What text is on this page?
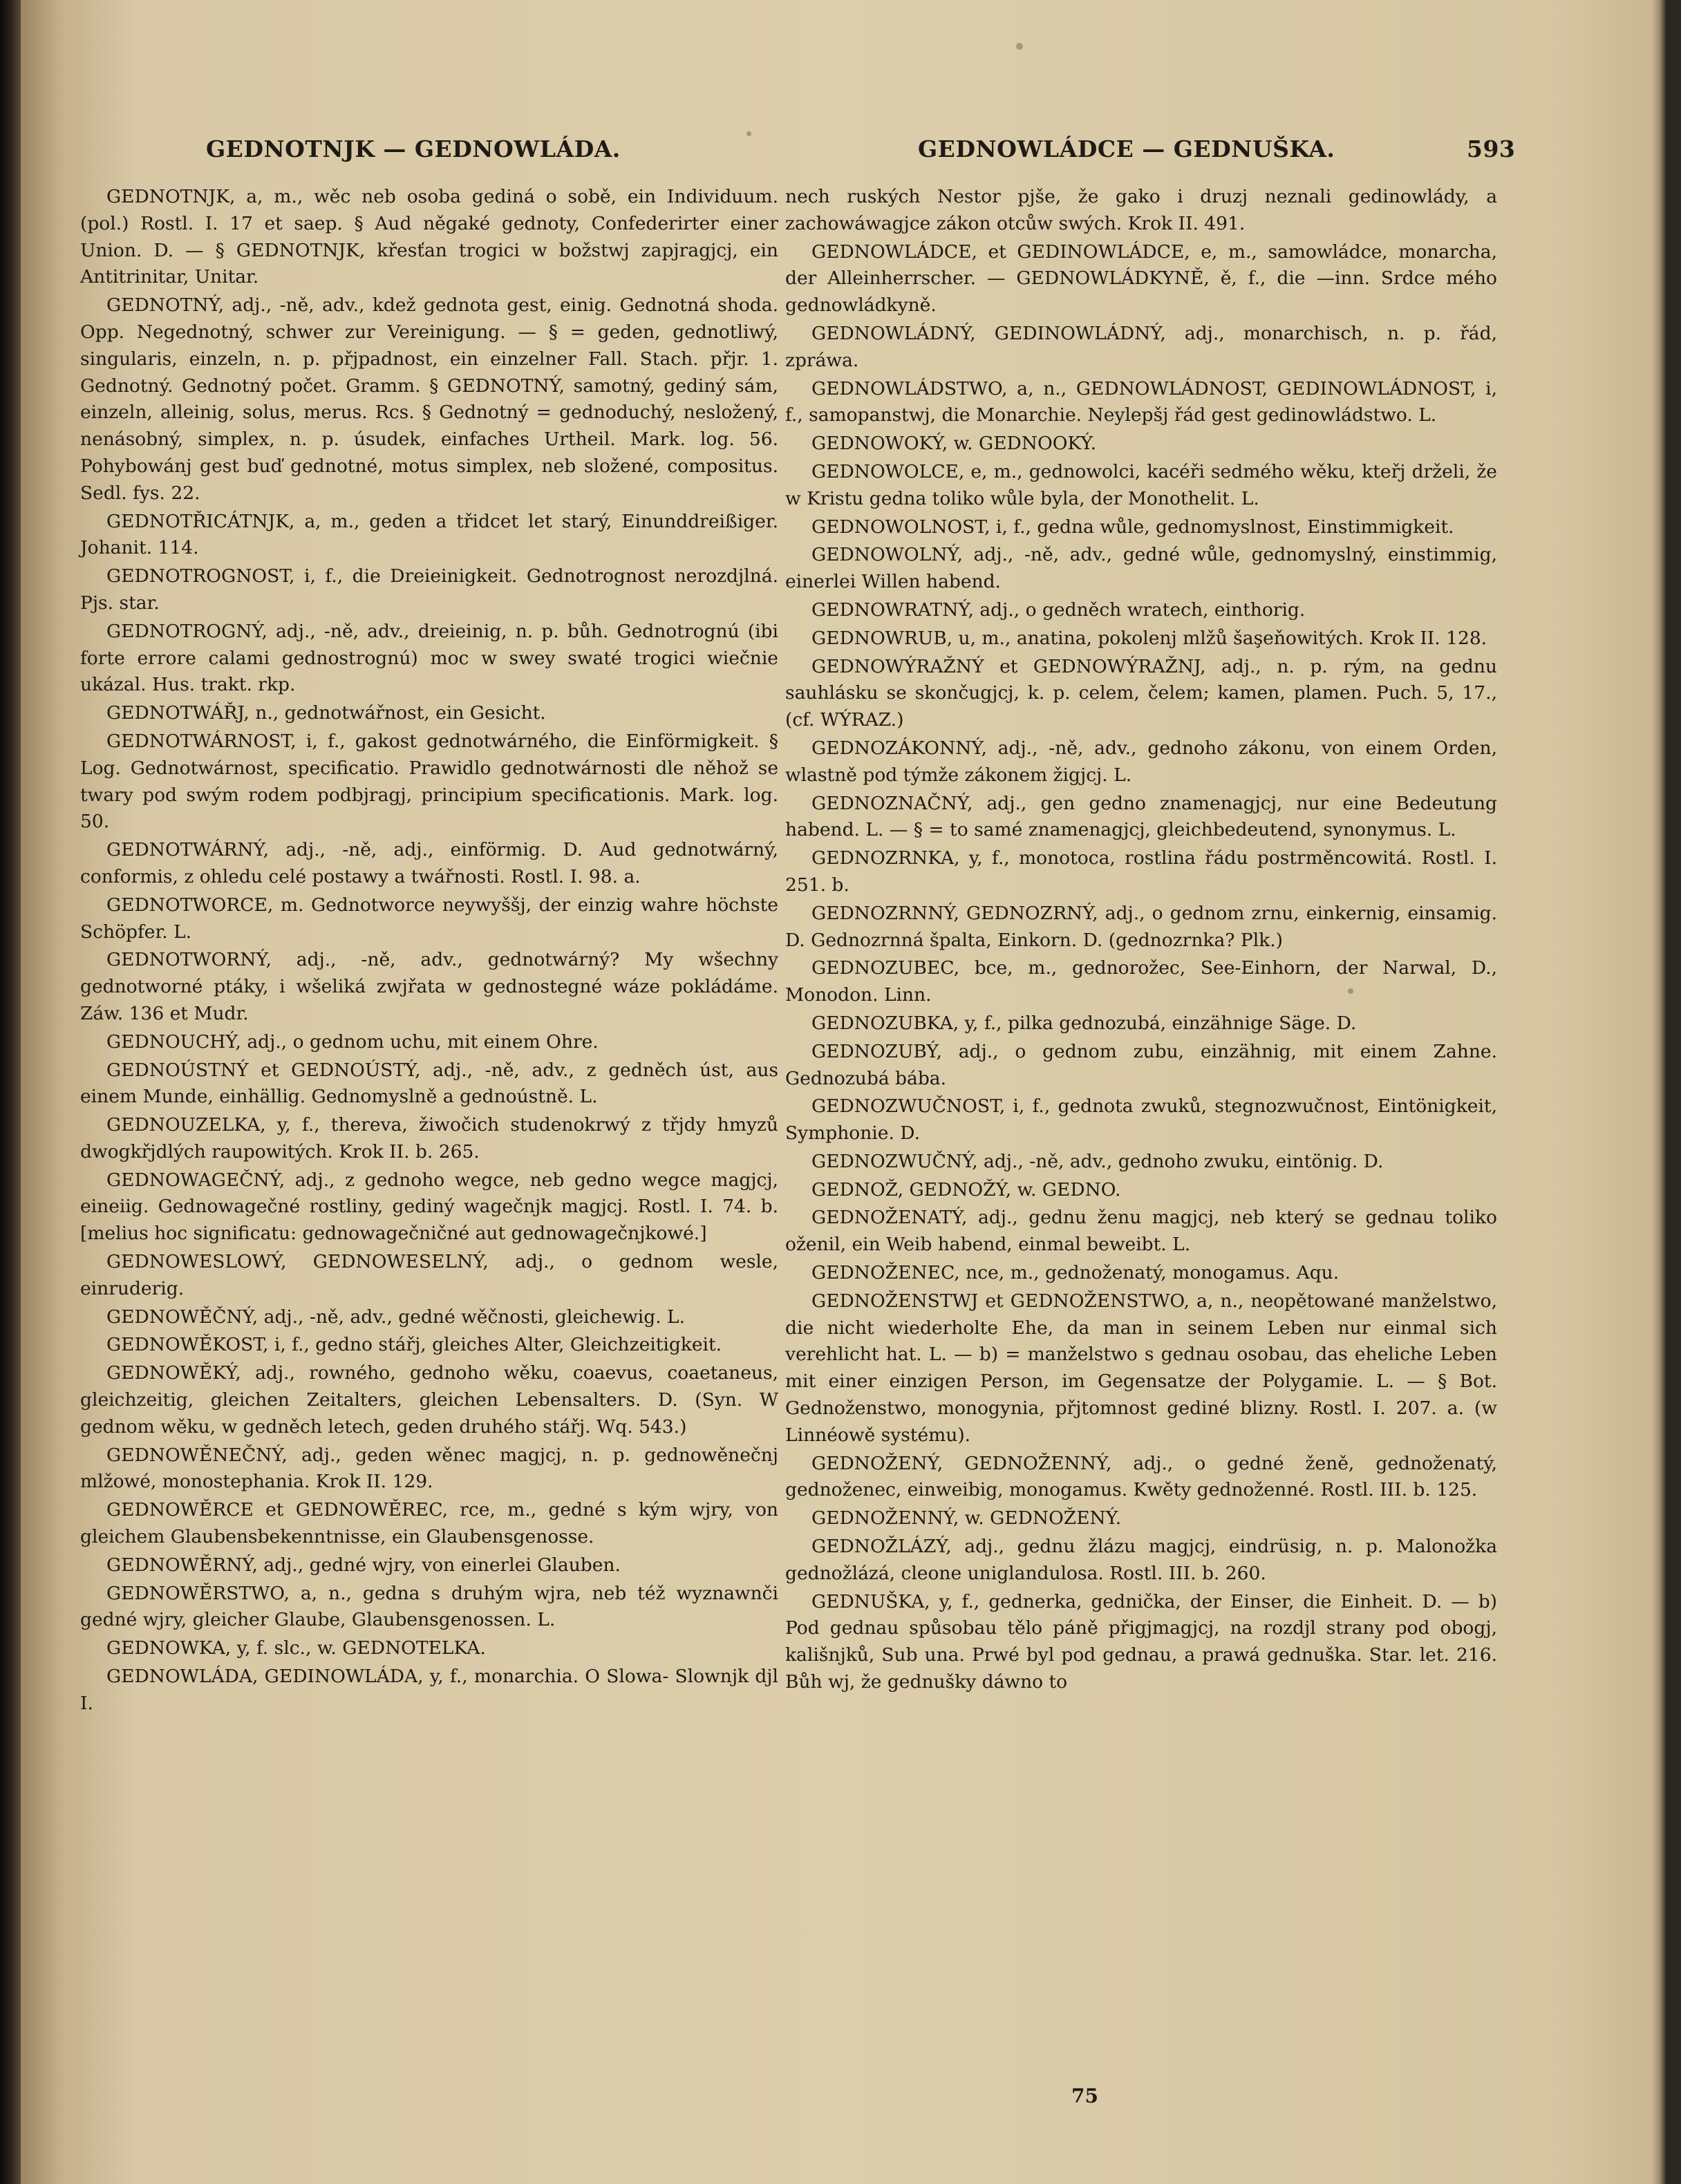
GEDNOTNJK — GEDNOWLÁDA.	GEDNOWLÁDCE — GEDNUŠKA.	593

GEDNOTNJK, a, m., wěc neb osoba gediná o sobě, ein Individuum. (pol.) Rostl. I. 17 et saep. § Aud něgaké gednoty, Confederirter einer Union. D. — § GEDNOTNJK, křesťan trogici w božstwj zapjragjcj, ein Antitrinitar, Unitar.

GEDNOTNÝ, adj., -ně, adv., kdež gednota gest, einig. Gednotná shoda. Opp. Negednotný, schwer zur Vereinigung. — § = geden, gednotliwý, singularis, einzeln, n. p. přjpadnost, ein einzelner Fall. Stach. přjr. 1. Gednotný. Gednotný počet. Gramm. § GEDNOTNÝ, samotný, gediný sám, einzeln, alleinig, solus, merus. Rcs. § Gednotný = gednoduchý, nesložený, nenásobný, simplex, n. p. úsudek, einfaches Urtheil. Mark. log. 56. Pohybowánj gest buď gednotné, motus simplex, neb složené, compositus. Sedl. fys. 22.

GEDNOTŘICÁTNJK, a, m., geden a třidcet let starý, Einunddreißiger. Johanit. 114.

GEDNOTROGNOST, i, f., die Dreieinigkeit. Gednotrognost nerozdjlná. Pjs. star.

GEDNOTROGNÝ, adj., -ně, adv., dreieinig, n. p. bůh. Gednotrognú (ibi forte errore calami gednostrognú) moc w swey swaté trogici wiečnie ukázal. Hus. trakt. rkp.

GEDNOTWÁŘJ, n., gednotwářnost, ein Gesicht.

GEDNOTWÁRNOST, i, f., gakost gednotwárného, die Einförmigkeit. § Log. Gednotwárnost, specificatio. Prawidlo gednotwárnosti dle něhož se twary pod swým rodem podbjragj, principium specificationis. Mark. log. 50.

GEDNOTWÁRNÝ, adj., -ně, adj., einförmig. D. Aud gednotwárný, conformis, z ohledu celé postawy a twářnosti. Rostl. I. 98. a.

GEDNOTWORCE, m. Gednotworce neywyššj, der einzig wahre höchste Schöpfer. L.

GEDNOTWORNÝ, adj., -ně, adv., gednotwárný? My wšechny gednotworné ptáky, i wšeliká zwjřata w gednostegné wáze pokládáme. Záw. 136 et Mudr.

GEDNOUCHÝ, adj., o gednom uchu, mit einem Ohre.

GEDNOÚSTNÝ et GEDNOÚSTÝ, adj., -ně, adv., z gedněch úst, aus einem Munde, einhällig. Gednomyslně a gednoústně. L.

GEDNOUZELKA, y, f., thereva, žiwočich studenokrwý z třjdy hmyzů dwogkřjdlých raupowitých. Krok II. b. 265.

GEDNOWAGEČNÝ, adj., z gednoho wegce, neb gedno wegce magjcj, eineiig. Gednowagečné rostliny, gediný wagečnjk magjcj. Rostl. I. 74. b. [melius hoc significatu: gednowagečničné aut gednowagečnjkowé.]

GEDNOWESLOWÝ, GEDNOWESELNÝ, adj., o gednom wesle, einruderig.

GEDNOWĚČNÝ, adj., -ně, adv., gedné wěčnosti, gleichewig. L.

GEDNOWĚKOST, i, f., gedno stářj, gleiches Alter, Gleichzeitigkeit.

GEDNOWĚKÝ, adj., rowného, gednoho wěku, coaevus, coaetaneus, gleichzeitig, gleichen Zeitalters, gleichen Lebensalters. D. (Syn. W gednom wěku, w gedněch letech, geden druhého stářj. Wq. 543.)

GEDNOWĚNEČNÝ, adj., geden wěnec magjcj, n. p. gednowěnečnj mlžowé, monostephania. Krok II. 129.

GEDNOWĚRCE et GEDNOWĚREC, rce, m., gedné s kým wjry, von gleichem Glaubensbekenntnisse, ein Glaubensgenosse.

GEDNOWĚRNÝ, adj., gedné wjry, von einerlei Glauben.

GEDNOWĚRSTWO, a, n., gedna s druhým wjra, neb též wyznawnči gedné wjry, gleicher Glaube, Glaubensgenossen. L.

GEDNOWKA, y, f. slc., w. GEDNOTELKA.

GEDNOWLÁDA, GEDINOWLÁDA, y, f., monarchia. O Slowa- Slownjk djl I.

nech ruských Nestor pjše, že gako i druzj neznali gedinowlády, a zachowáwagjce zákon otcůw swých. Krok II. 491.

GEDNOWLÁDCE, et GEDINOWLÁDCE, e, m., samowládce, monarcha, der Alleinherrscher. — GEDNOWLÁDKYNĚ, ě, f., die —inn. Srdce mého gednowládkyně.

GEDNOWLÁDNÝ, GEDINOWLÁDNÝ, adj., monarchisch, n. p. řád, zpráwa.

GEDNOWLÁDSTWO, a, n., GEDNOWLÁDNOST, GEDINOWLÁDNOST, i, f., samopanstwj, die Monarchie. Neylepšj řád gest gedinowládstwo. L.

GEDNOWOKÝ, w. GEDNOOKÝ.

GEDNOWOLCE, e, m., gednowolci, kacéři sedmého wěku, kteřj drželi, že w Kristu gedna toliko wůle byla, der Monothelit. L.

GEDNOWOLNOST, i, f., gedna wůle, gednomyslnost, Einstimmigkeit.

GEDNOWOLNÝ, adj., -ně, adv., gedné wůle, gednomyslný, einstimmig, einerlei Willen habend.

GEDNOWRATNÝ, adj., o gedněch wratech, einthorig.

GEDNOWRUB, u, m., anatina, pokolenj mlžů šaşeňowitých. Krok II. 128.

GEDNOWÝRAŽNÝ et GEDNOWÝRAŽNJ, adj., n. p. rým, na gednu sauhlásku se skončugjcj, k. p. celem, čelem; kamen, plamen. Puch. 5, 17., (cf. WÝRAZ.)

GEDNOZÁKONNÝ, adj., -ně, adv., gednoho zákonu, von einem Orden, wlastně pod týmže zákonem žigjcj. L.

GEDNOZNAČNÝ, adj., gen gedno znamenagjcj, nur eine Bedeutung habend. L. — § = to samé znamenagjcj, gleichbedeutend, synonymus. L.

GEDNOZRNKA, y, f., monotoca, rostlina řádu postrměncowitá. Rostl. I. 251. b.

GEDNOZRNNÝ, GEDNOZRNÝ, adj., o gednom zrnu, einkernig, einsamig. D. Gednozrnná špalta, Einkorn. D. (gednozrnka? Plk.)

GEDNOZUBEC, bce, m., gednorožec, See-Einhorn, der Narwal, D., Monodon. Linn.

GEDNOZUBKA, y, f., pilka gednozubá, einzähnige Säge. D.

GEDNOZUBÝ, adj., o gednom zubu, einzähnig, mit einem Zahne. Gednozubá bába.

GEDNOZWUČNOST, i, f., gednota zwuků, stegnozwučnost, Eintönigkeit, Symphonie. D.

GEDNOZWUČNÝ, adj., -ně, adv., gednoho zwuku, eintönig. D.

GEDNOŽ, GEDNOŽÝ, w. GEDNO.

GEDNOŽENATÝ, adj., gednu ženu magjcj, neb který se gednau toliko oženil, ein Weib habend, einmal beweibt. L.

GEDNOŽENEC, nce, m., gednoženatý, monogamus. Aqu.

GEDNOŽENSTWJ et GEDNOŽENSTWO, a, n., neopětowané manželstwo, die nicht wiederholte Ehe, da man in seinem Leben nur einmal sich verehlicht hat. L. — b) = manželstwo s gednau osobau, das eheliche Leben mit einer einzigen Person, im Gegensatze der Polygamie. L. — § Bot. Gednoženstwo, monogynia, přjtomnost gediné blizny. Rostl. I. 207. a. (w Linnéowě systému).

GEDNOŽENÝ, GEDNOŽENNÝ, adj., o gedné ženě, gednoženatý, gednoženec, einweibig, monogamus. Kwěty gednoženné. Rostl. III. b. 125.

GEDNOŽENNÝ, w. GEDNOŽENÝ.

GEDNOŽLÁZÝ, adj., gednu žlázu magjcj, eindrüsig, n. p. Malonožka gednožlázá, cleone uniglandulosa. Rostl. III. b. 260.

GEDNUŠKA, y, f., gednerka, gednička, der Einser, die Einheit. D. — b) Pod gednau spůsobau tělo páně přigjmagjcj, na rozdjl strany pod obogj, kališnjků, Sub una. Prwé byl pod gednau, a prawá gednuška. Star. let. 216. Bůh wj, že gednušky dáwno to

75
